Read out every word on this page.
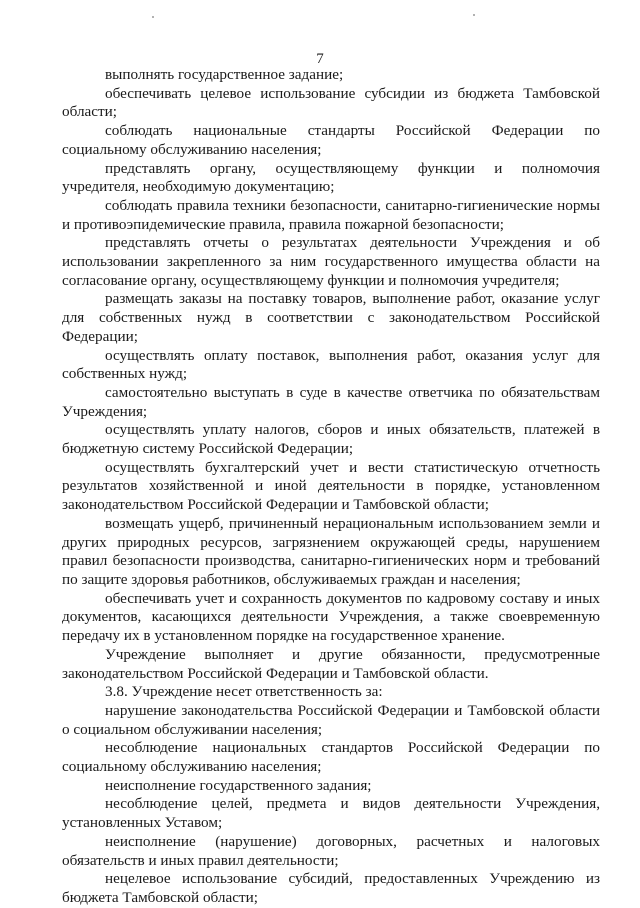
7

выполнять государственное задание;

обеспечивать целевое использование субсидии из бюджета Тамбовской области;

соблюдать национальные стандарты Российской Федерации по социальному обслуживанию населения;

представлять органу, осуществляющему функции и полномочия учредителя, необходимую документацию;

соблюдать правила техники безопасности, санитарно-гигиенические нормы и противоэпидемические правила, правила пожарной безопасности;

представлять отчеты о результатах деятельности Учреждения и об использовании закрепленного за ним государственного имущества области на согласование органу, осуществляющему функции и полномочия учредителя;

размещать заказы на поставку товаров, выполнение работ, оказание услуг для собственных нужд в соответствии с законодательством Российской Федерации;

осуществлять оплату поставок, выполнения работ, оказания услуг для собственных нужд;

самостоятельно выступать в суде в качестве ответчика по обязательствам Учреждения;

осуществлять уплату налогов, сборов и иных обязательств, платежей в бюджетную систему Российской Федерации;

осуществлять бухгалтерский учет и вести статистическую отчетность результатов хозяйственной и иной деятельности в порядке, установленном законодательством Российской Федерации и Тамбовской области;

возмещать ущерб, причиненный нерациональным использованием земли и других природных ресурсов, загрязнением окружающей среды, нарушением правил безопасности производства, санитарно-гигиенических норм и требований по защите здоровья работников, обслуживаемых граждан и населения;

обеспечивать учет и сохранность документов по кадровому составу и иных документов, касающихся деятельности Учреждения, а также своевременную передачу их в установленном порядке на государственное хранение.

Учреждение выполняет и другие обязанности, предусмотренные законодательством Российской Федерации и Тамбовской области.

3.8. Учреждение несет ответственность за:

нарушение законодательства Российской Федерации и Тамбовской области о социальном обслуживании населения;

несоблюдение национальных стандартов Российской Федерации по социальному обслуживанию населения;

неисполнение государственного задания;

несоблюдение целей, предмета и видов деятельности Учреждения, установленных Уставом;

неисполнение (нарушение) договорных, расчетных и налоговых обязательств и иных правил деятельности;

нецелевое использование субсидий, предоставленных Учреждению из бюджета Тамбовской области;
